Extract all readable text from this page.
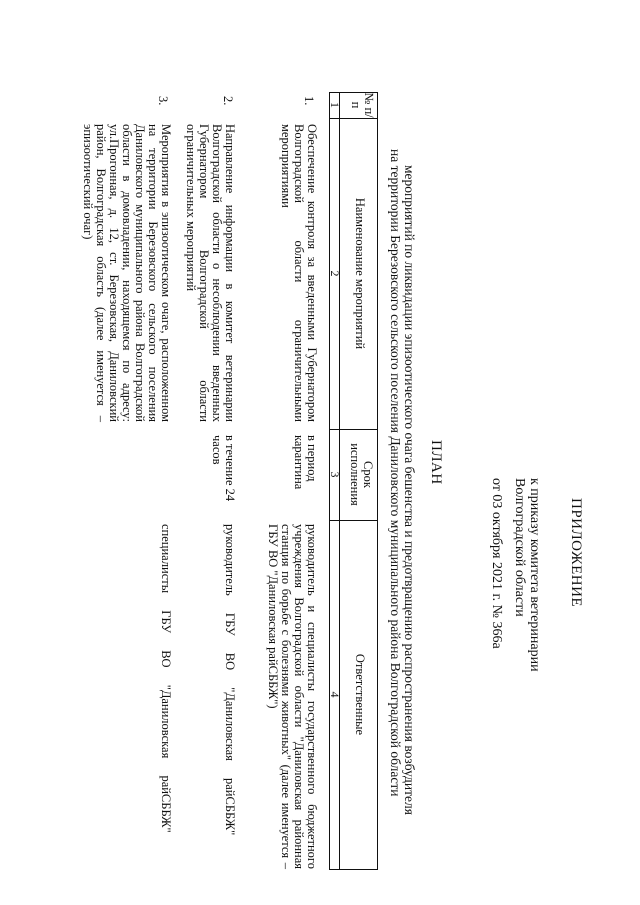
ПРИЛОЖЕНИЕ

к приказу комитета ветеринарии

Волгоградской области

от 03 октября 2021 г. № 366а

ПЛАН

мероприятий по ликвидации эпизоотического очага бешенства и предотвращению распространения возбудителя

на территории Березовского сельского поселения Даниловского муниципального района Волгоградской области

№ п/п
Наименование мероприятий
Срок исполнения
Ответственные
1
2
3
4
1.
Обеспечение контроля за введенными Губернатором Волгоградской области ограничительными мероприятиями
в период карантина
руководитель и специалисты государственного бюджетного учреждения Волгоградской области "Даниловская районная станция по борьбе с болезнями животных" (далее именуется – ГБУ ВО "Даниловская райСББЖ")
2.
Направление информации в комитет ветеринарии Волгоградской области о несоблюдении введенных Губернатором Волгоградской области ограничительных мероприятий
в течение 24 часов
руководитель ГБУ ВО "Даниловская райСББЖ"
3.
Мероприятия в эпизоотическом очаге, расположенном на территории Березовского сельского поселения Даниловского муниципального района Волгоградской области в домовладении, находящемся по адресу: ул.Прогонная, д. 12, ст. Березовская, Даниловский район, Волгоградская область (далее именуется – эпизоотический очаг)
специалисты ГБУ ВО "Даниловская райСББЖ"
